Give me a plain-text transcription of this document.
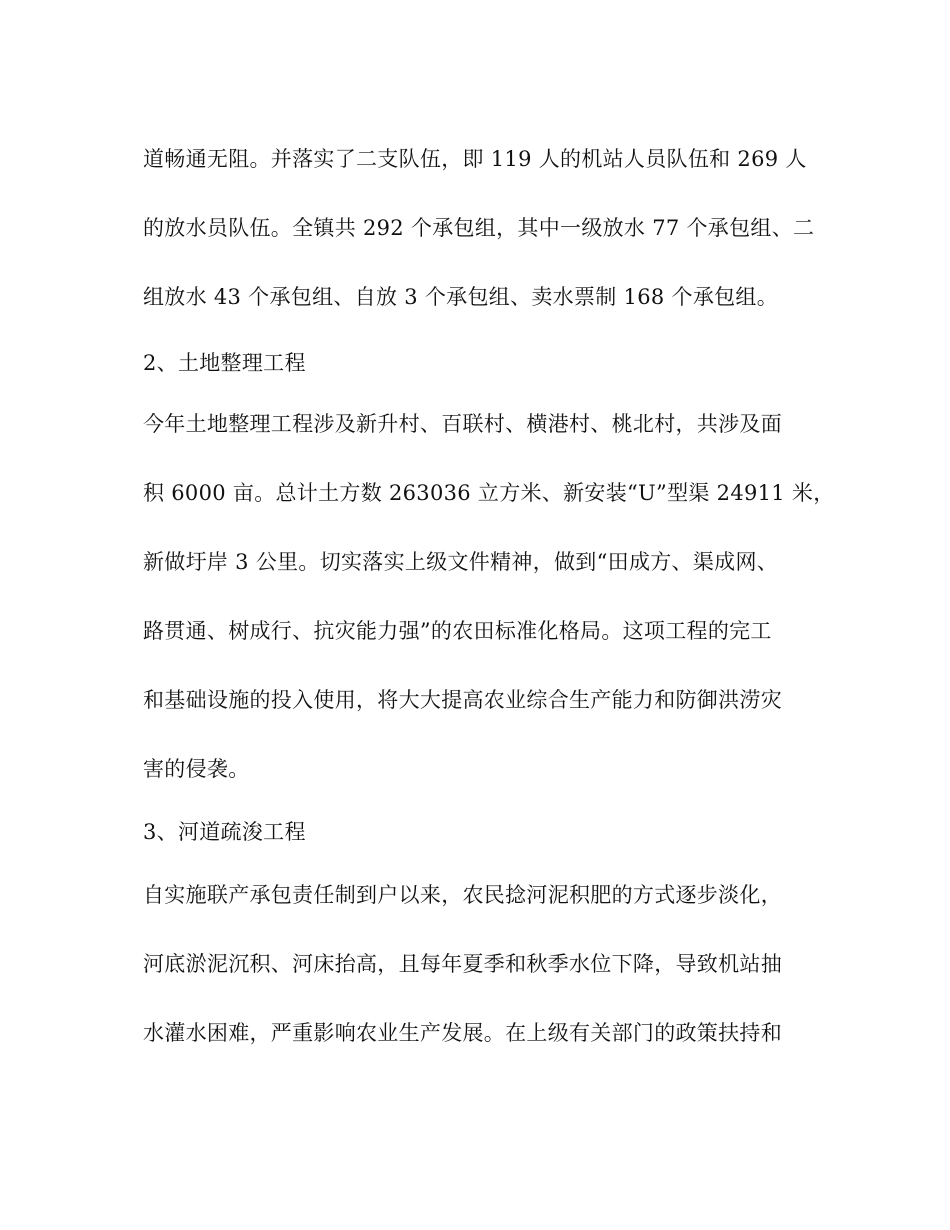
道畅通无阻。并落实了二支队伍，即 119 人的机站人员队伍和 269 人

的放水员队伍。全镇共 292 个承包组，其中一级放水 77 个承包组、二

组放水 43 个承包组、自放 3 个承包组、卖水票制 168 个承包组。

2、土地整理工程

今年土地整理工程涉及新升村、百联村、横港村、桃北村，共涉及面

积 6000 亩。总计土方数 263036 立方米、新安装“U”型渠 24911 米，

新做圩岸 3 公里。切实落实上级文件精神，做到“田成方、渠成网、

路贯通、树成行、抗灾能力强”的农田标准化格局。这项工程的完工

和基础设施的投入使用，将大大提高农业综合生产能力和防御洪涝灾

害的侵袭。

3、河道疏浚工程

自实施联产承包责任制到户以来，农民捻河泥积肥的方式逐步淡化，

河底淤泥沉积、河床抬高，且每年夏季和秋季水位下降，导致机站抽

水灌水困难，严重影响农业生产发展。在上级有关部门的政策扶持和
